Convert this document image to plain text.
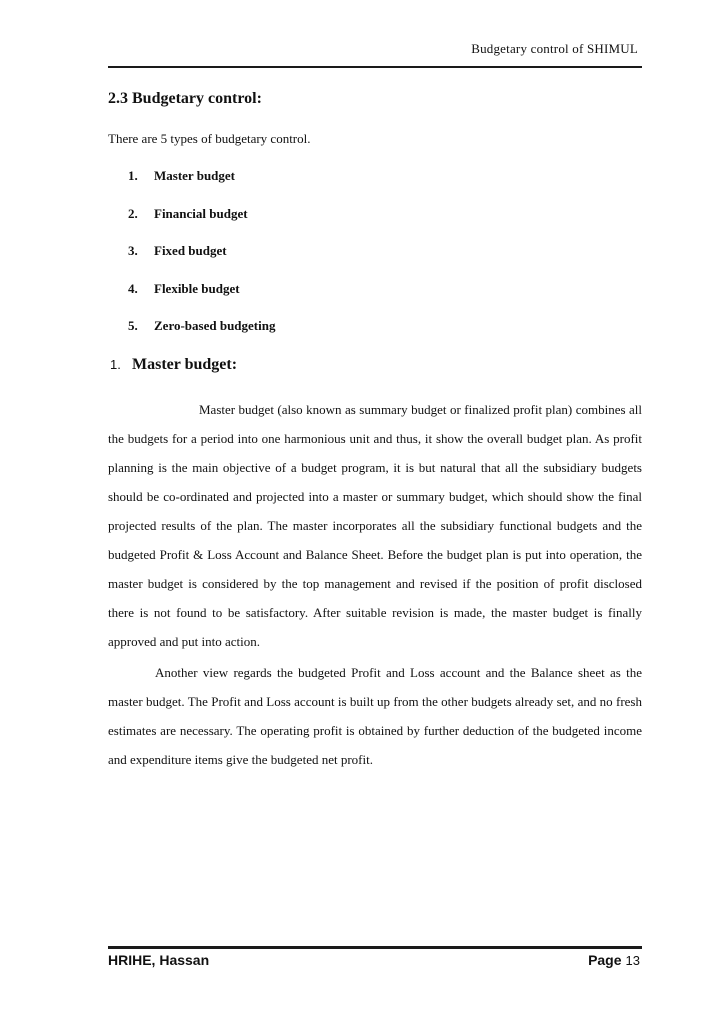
Budgetary control of SHIMUL
2.3 Budgetary control:
There are 5 types of budgetary control.
1. Master budget
2. Financial budget
3. Fixed budget
4. Flexible budget
5. Zero-based budgeting
1. Master budget:

Master budget (also known as summary budget or finalized profit plan) combines all the budgets for a period into one harmonious unit and thus, it show the overall budget plan. As profit planning is the main objective of a budget program, it is but natural that all the subsidiary budgets should be co-ordinated and projected into a master or summary budget, which should show the final projected results of the plan. The master incorporates all the subsidiary functional budgets and the budgeted Profit & Loss Account and Balance Sheet. Before the budget plan is put into operation, the master budget is considered by the top management and revised if the position of profit disclosed there is not found to be satisfactory. After suitable revision is made, the master budget is finally approved and put into action.

Another view regards the budgeted Profit and Loss account and the Balance sheet as the master budget. The Profit and Loss account is built up from the other budgets already set, and no fresh estimates are necessary. The operating profit is obtained by further deduction of the budgeted income and expenditure items give the budgeted net profit.

HRIHE, Hassan	Page 13
